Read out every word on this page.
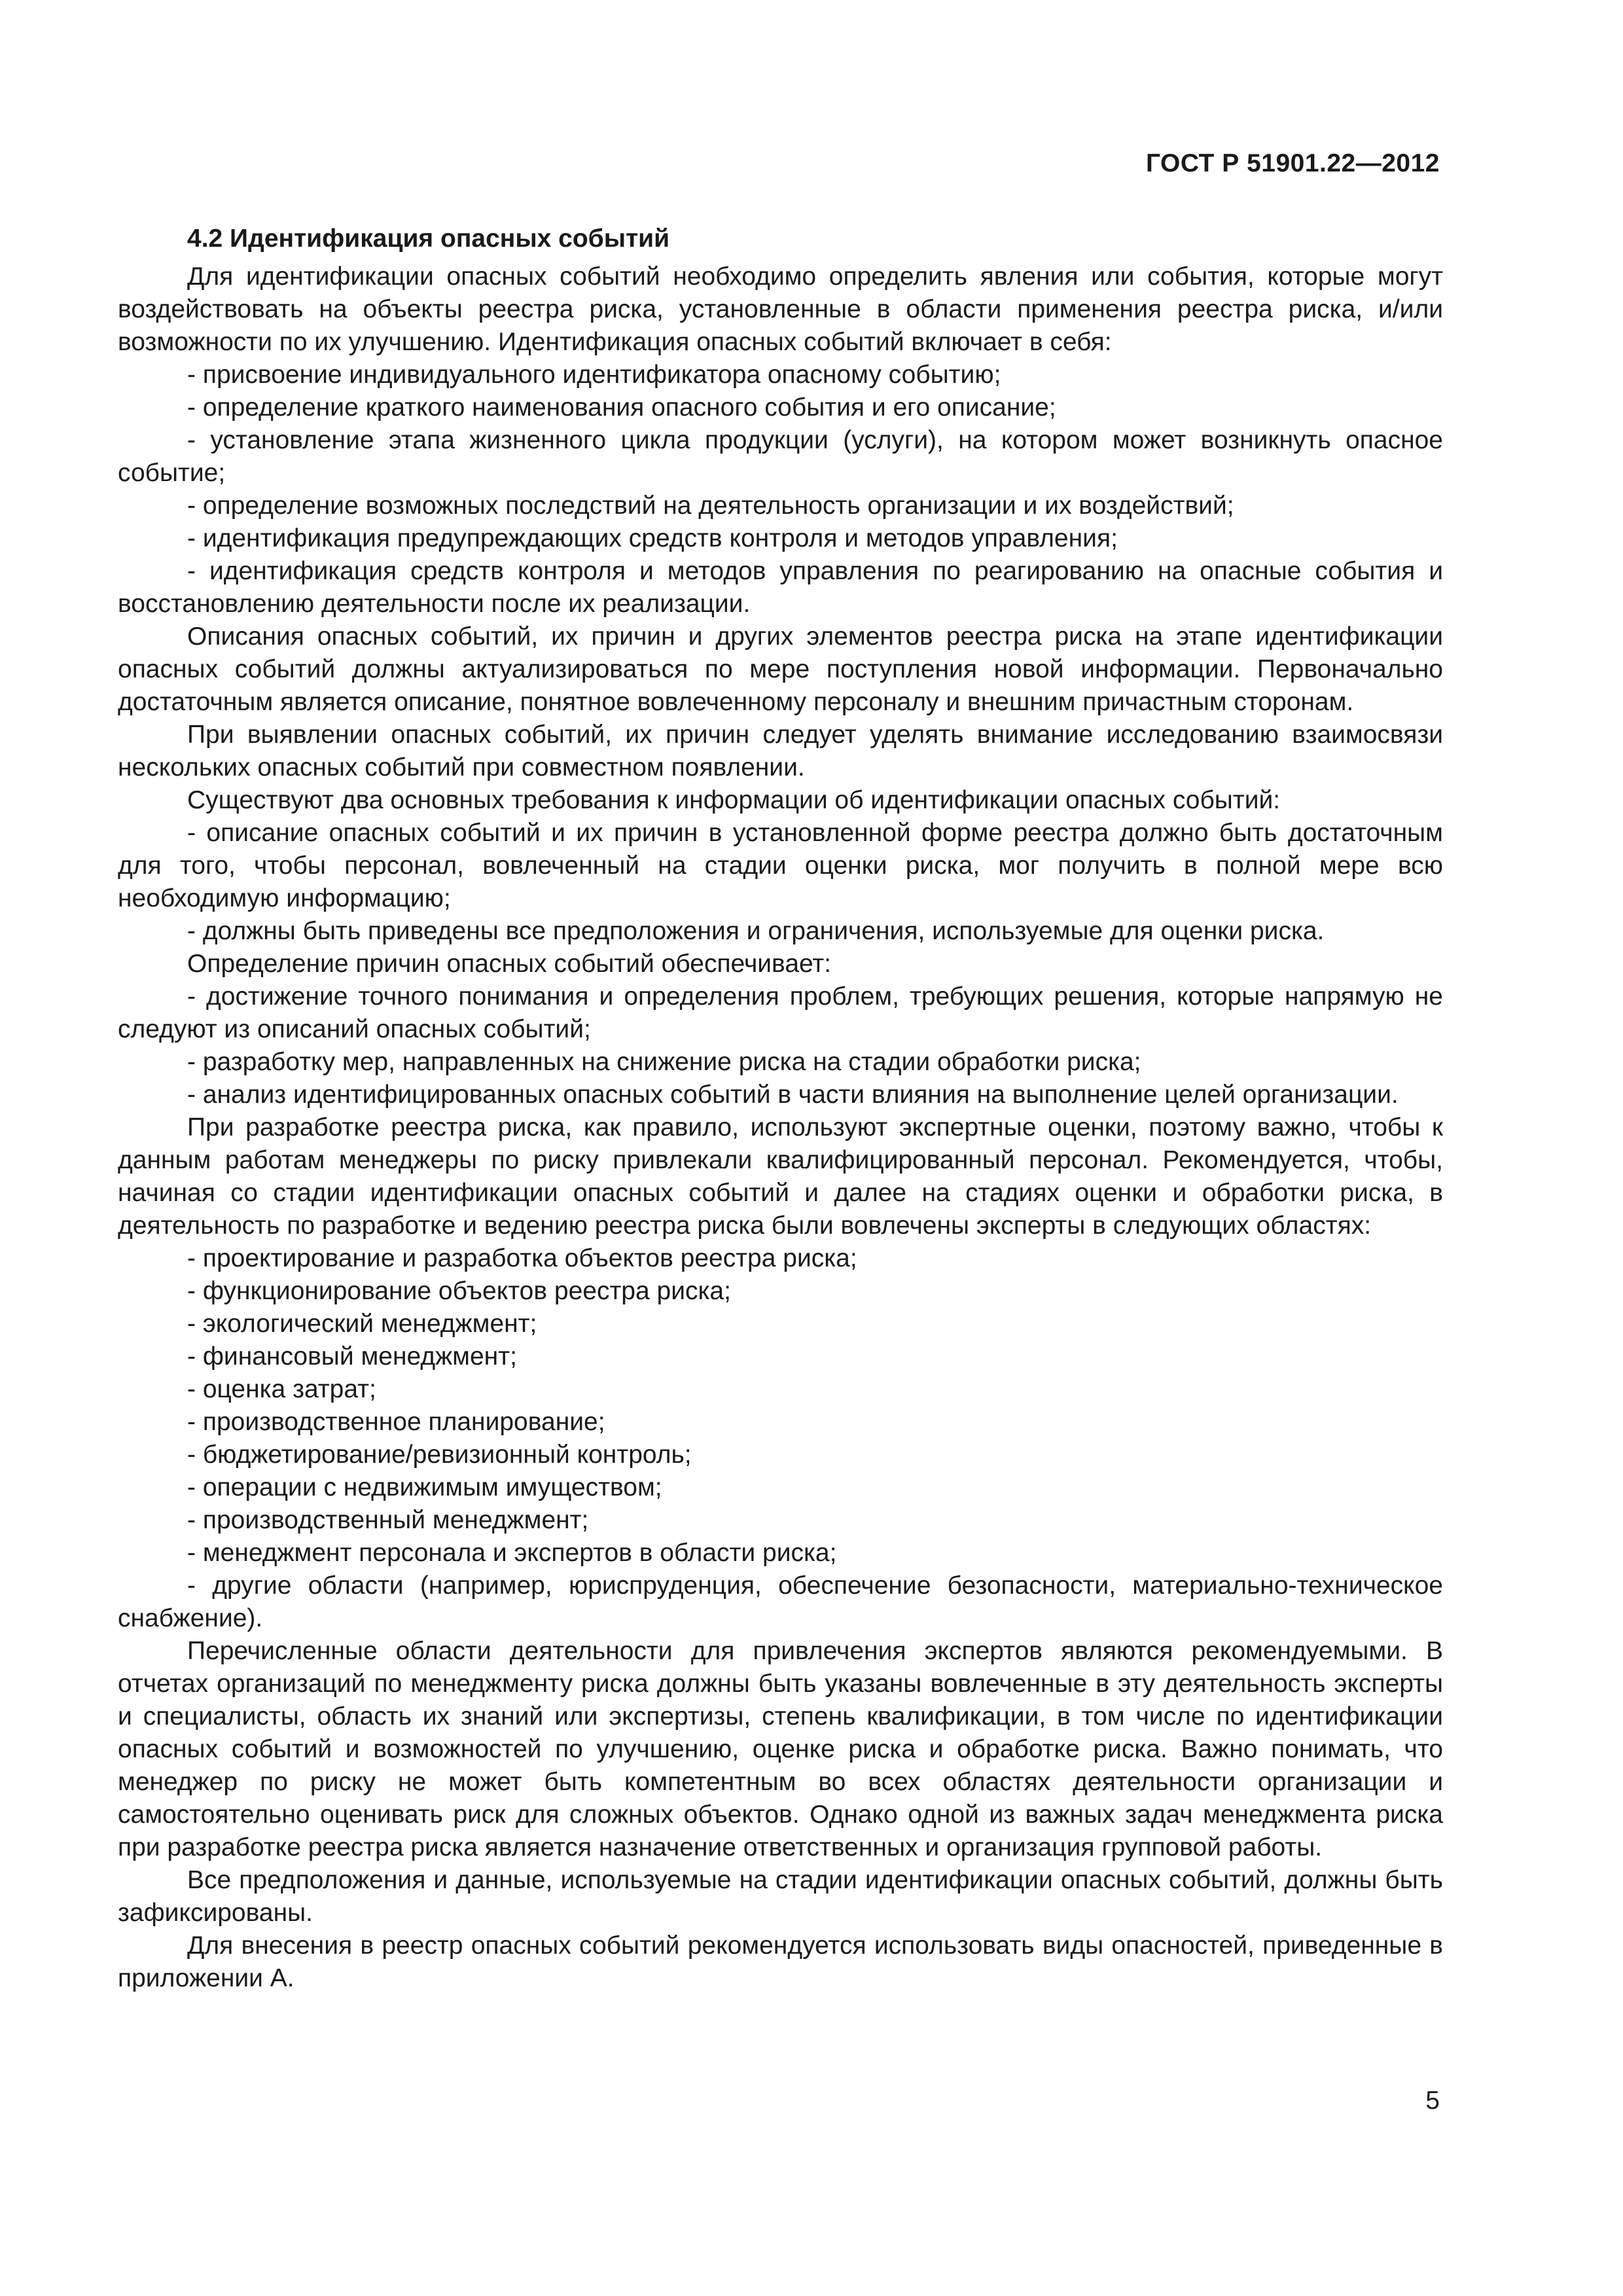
ГОСТ Р 51901.22—2012
4.2 Идентификация опасных событий

Для идентификации опасных событий необходимо определить явления или события, которые могут воздействовать на объекты реестра риска, установленные в области применения реестра риска, и/или возможности по их улучшению. Идентификация опасных событий включает в себя:

- присвоение индивидуального идентификатора опасному событию;

- определение краткого наименования опасного события и его описание;

- установление этапа жизненного цикла продукции (услуги), на котором может возникнуть опасное событие;

- определение возможных последствий на деятельность организации и их воздействий;

- идентификация предупреждающих средств контроля и методов управления;

- идентификация средств контроля и методов управления по реагированию на опасные события и восстановлению деятельности после их реализации.

Описания опасных событий, их причин и других элементов реестра риска на этапе идентификации опасных событий должны актуализироваться по мере поступления новой информации. Первоначально достаточным является описание, понятное вовлеченному персоналу и внешним причастным сторонам.

При выявлении опасных событий, их причин следует уделять внимание исследованию взаимосвязи нескольких опасных событий при совместном появлении.

Существуют два основных требования к информации об идентификации опасных событий:

- описание опасных событий и их причин в установленной форме реестра должно быть достаточным для того, чтобы персонал, вовлеченный на стадии оценки риска, мог получить в полной мере всю необходимую информацию;

- должны быть приведены все предположения и ограничения, используемые для оценки риска.

Определение причин опасных событий обеспечивает:

- достижение точного понимания и определения проблем, требующих решения, которые напрямую не следуют из описаний опасных событий;

- разработку мер, направленных на снижение риска на стадии обработки риска;

- анализ идентифицированных опасных событий в части влияния на выполнение целей организации.

При разработке реестра риска, как правило, используют экспертные оценки, поэтому важно, чтобы к данным работам менеджеры по риску привлекали квалифицированный персонал. Рекомендуется, чтобы, начиная со стадии идентификации опасных событий и далее на стадиях оценки и обработки риска, в деятельность по разработке и ведению реестра риска были вовлечены эксперты в следующих областях:

- проектирование и разработка объектов реестра риска;

- функционирование объектов реестра риска;

- экологический менеджмент;

- финансовый менеджмент;

- оценка затрат;

- производственное планирование;

- бюджетирование/ревизионный контроль;

- операции с недвижимым имуществом;

- производственный менеджмент;

- менеджмент персонала и экспертов в области риска;

- другие области (например, юриспруденция, обеспечение безопасности, материально-техническое снабжение).

Перечисленные области деятельности для привлечения экспертов являются рекомендуемыми. В отчетах организаций по менеджменту риска должны быть указаны вовлеченные в эту деятельность эксперты и специалисты, область их знаний или экспертизы, степень квалификации, в том числе по идентификации опасных событий и возможностей по улучшению, оценке риска и обработке риска. Важно понимать, что менеджер по риску не может быть компетентным во всех областях деятельности организации и самостоятельно оценивать риск для сложных объектов. Однако одной из важных задач менеджмента риска при разработке реестра риска является назначение ответственных и организация групповой работы.

Все предположения и данные, используемые на стадии идентификации опасных событий, должны быть зафиксированы.

Для внесения в реестр опасных событий рекомендуется использовать виды опасностей, приведенные в приложении А.

5
